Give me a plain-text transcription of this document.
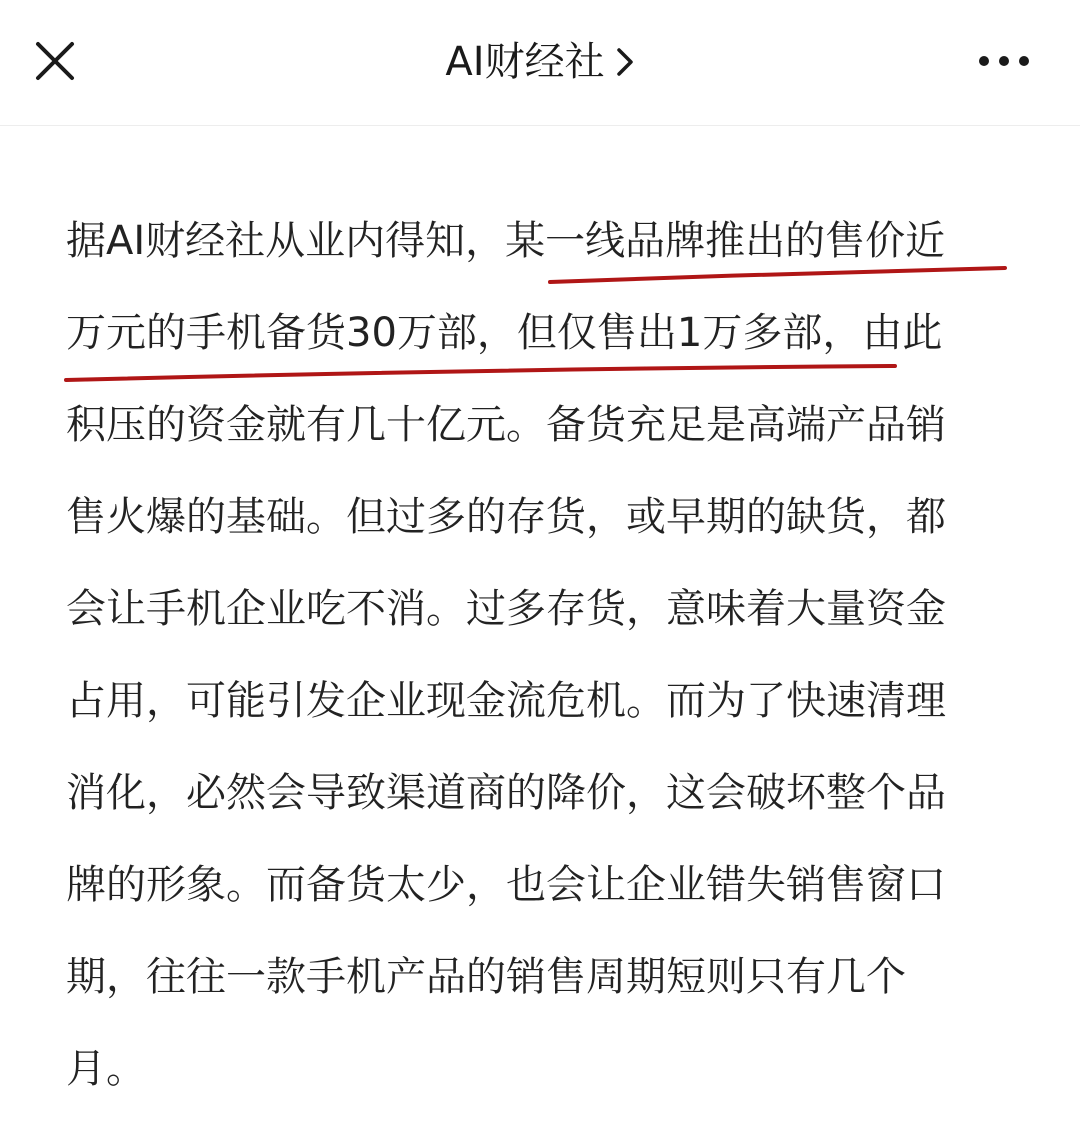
AI财经社
据AI财经社从业内得知，某一线品牌推出的售价近
万元的手机备货30万部，但仅售出1万多部，由此
积压的资金就有几十亿元。备货充足是高端产品销
售火爆的基础。但过多的存货，或早期的缺货，都
会让手机企业吃不消。过多存货，意味着大量资金
占用，可能引发企业现金流危机。而为了快速清理
消化，必然会导致渠道商的降价，这会破坏整个品
牌的形象。而备货太少，也会让企业错失销售窗口
期，往往一款手机产品的销售周期短则只有几个
月。
